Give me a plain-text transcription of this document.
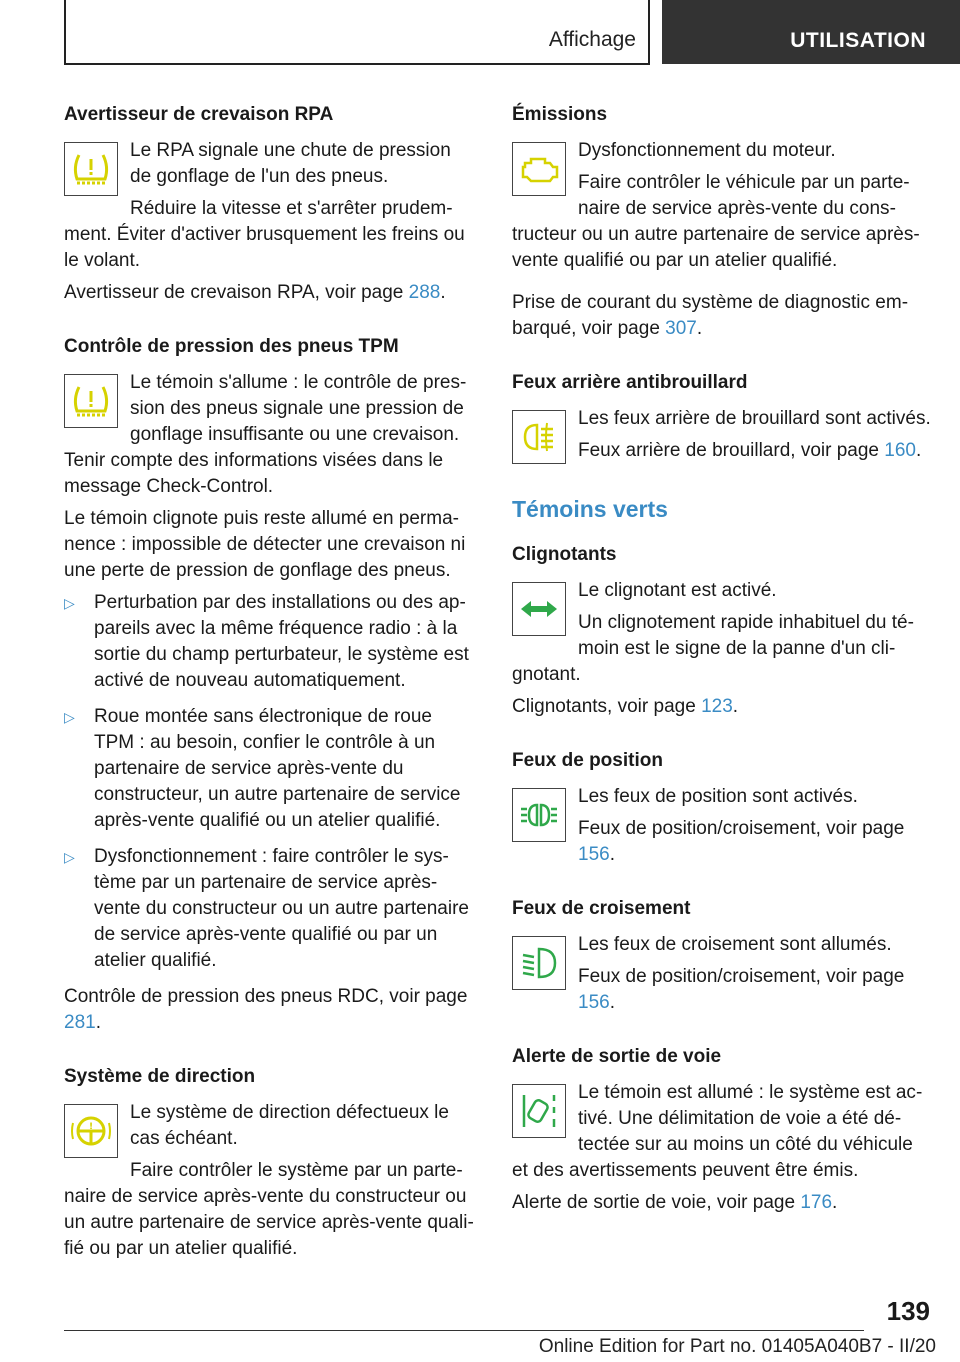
Affichage	UTILISATION
Avertisseur de crevaison RPA

Le RPA signale une chute de pression de gonflage de l'un des pneus.

Réduire la vitesse et s'arrêter prudemment. Éviter d'activer brusquement les freins ou le volant.

Avertisseur de crevaison RPA, voir page 288.

Contrôle de pression des pneus TPM

Le témoin s'allume : le contrôle de pression des pneus signale une pression de gonflage insuffisante ou une crevaison. Tenir compte des informations visées dans le message Check-Control.

Le témoin clignote puis reste allumé en permanence : impossible de détecter une crevaison ni une perte de pression de gonflage des pneus.

▷ Perturbation par des installations ou des appareils avec la même fréquence radio : à la sortie du champ perturbateur, le système est activé de nouveau automatiquement.
▷ Roue montée sans électronique de roue TPM : au besoin, confier le contrôle à un partenaire de service après-vente du constructeur, un autre partenaire de service après-vente qualifié ou un atelier qualifié.
▷ Dysfonctionnement : faire contrôler le système par un partenaire de service après-vente du constructeur ou un autre partenaire de service après-vente qualifié ou par un atelier qualifié.

Contrôle de pression des pneus RDC, voir page 281.

Système de direction
!

Le système de direction défectueux le cas échéant.

Faire contrôler le système par un partenaire de service après-vente du constructeur ou un autre partenaire de service après-vente qualifié ou par un atelier qualifié.

Émissions

Dysfonctionnement du moteur.

Faire contrôler le véhicule par un partenaire de service après-vente du constructeur ou un autre partenaire de service après-vente qualifié ou par un atelier qualifié.

Prise de courant du système de diagnostic embarqué, voir page 307.

Feux arrière antibrouillard

Les feux arrière de brouillard sont activés.

Feux arrière de brouillard, voir page 160.

Témoins verts
Clignotants

Le clignotant est activé.

Un clignotement rapide inhabituel du témoin est le signe de la panne d'un clignotant.

Clignotants, voir page 123.

Feux de position

Les feux de position sont activés.

Feux de position/croisement, voir page 156.

Feux de croisement

Les feux de croisement sont allumés.

Feux de position/croisement, voir page 156.

Alerte de sortie de voie

Le témoin est allumé : le système est activé. Une délimitation de voie a été détectée sur au moins un côté du véhicule et des avertissements peuvent être émis.

Alerte de sortie de voie, voir page 176.

139
Online Edition for Part no. 01405A040B7 - II/20
